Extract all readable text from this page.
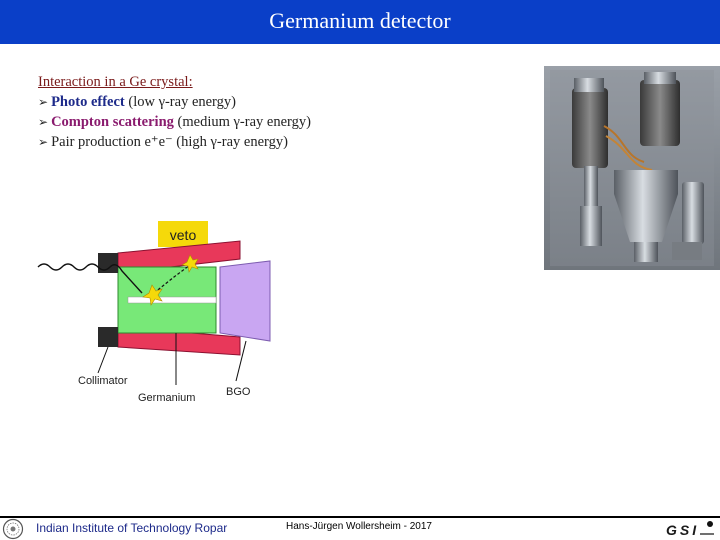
Germanium detector
Interaction in a Ge crystal:
➢ Photo effect (low γ-ray energy)
➢ Compton scattering (medium γ-ray energy)
➢ Pair production e⁺e⁻ (high γ-ray energy)
veto
Collimator
Germanium	BGO
Indian Institute of Technology Ropar	Hans-Jürgen Wollersheim - 2017	GSI
